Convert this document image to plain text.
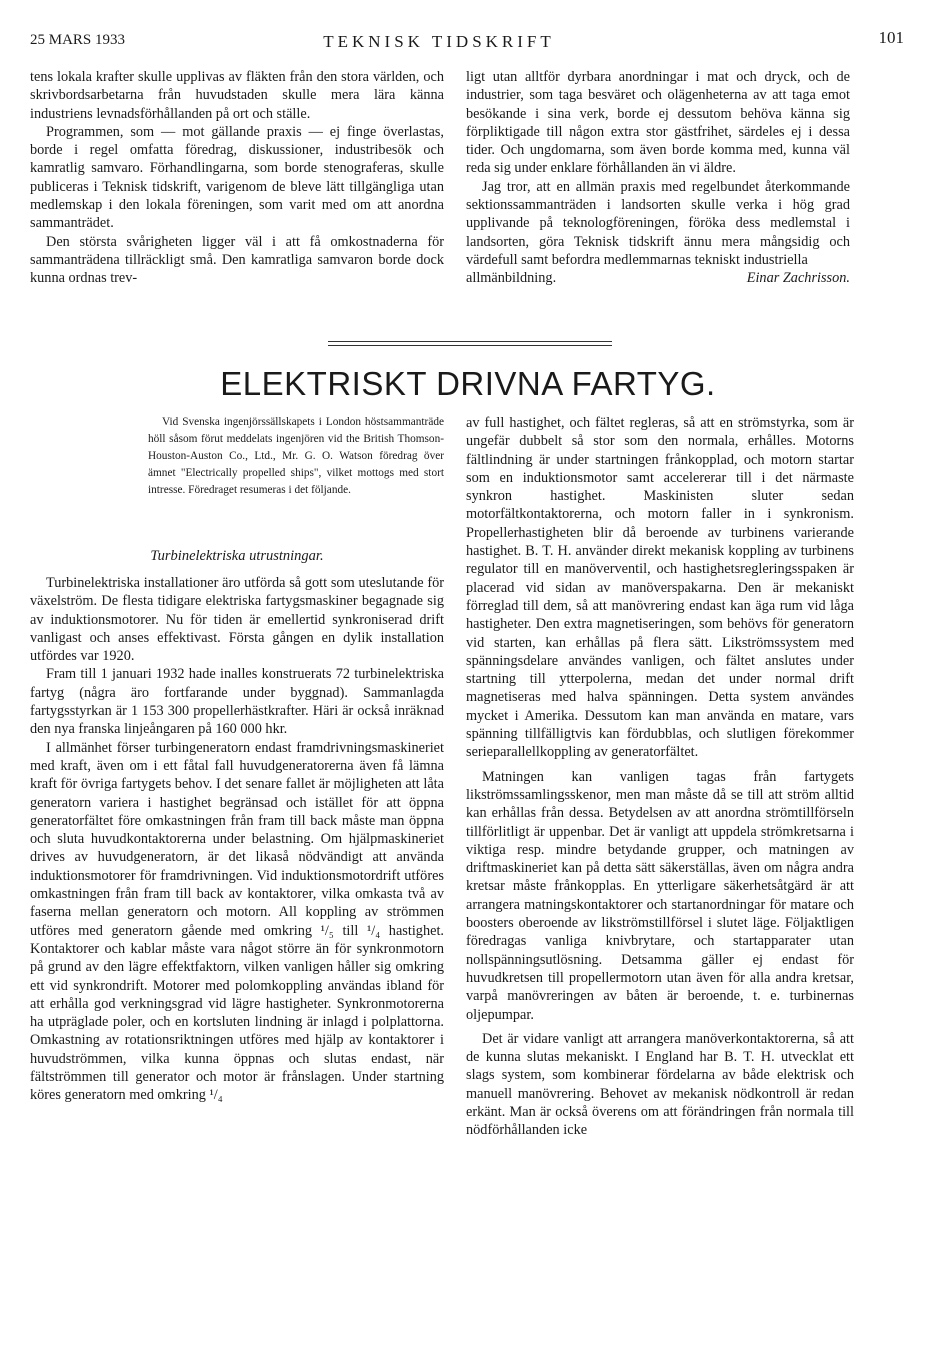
25 MARS 1933	TEKNISK TIDSKRIFT	101

tens lokala krafter skulle upplivas av fläkten från den stora världen, och skrivbordsarbetarna från huvudstaden skulle mera lära känna industriens levnadsförhållanden på ort och ställe.

Programmen, som — mot gällande praxis — ej finge överlastas, borde i regel omfatta föredrag, diskussioner, industribesök och kamratlig samvaro. Förhandlingarna, som borde stenograferas, skulle publiceras i Teknisk tidskrift, varigenom de bleve lätt tillgängliga utan medlemskap i den lokala föreningen, som varit med om att anordna sammanträdet.

Den största svårigheten ligger väl i att få omkostnaderna för sammanträdena tillräckligt små. Den kamratliga samvaron borde dock kunna ordnas trev-

ligt utan alltför dyrbara anordningar i mat och dryck, och de industrier, som taga besväret och olägenheterna av att taga emot besökande i sina verk, borde ej dessutom behöva känna sig förpliktigade till någon extra stor gästfrihet, särdeles ej i dessa tider. Och ungdomarna, som även borde komma med, kunna väl reda sig under enklare förhållanden än vi äldre.

Jag tror, att en allmän praxis med regelbundet återkommande sektionssammanträden i landsorten skulle verka i hög grad upplivande på teknologföreningen, föröka dess medlemstal i landsorten, göra Teknisk tidskrift ännu mera mångsidig och värdefull samt befordra medlemmarnas tekniskt industriella

allmänbildning.	Einar Zachrisson.
ELEKTRISKT DRIVNA FARTYG.

Vid Svenska ingenjörssällskapets i London höstsammanträde höll såsom förut meddelats ingenjören vid the British Thomson-Houston-Auston Co., Ltd., Mr. G. O. Watson föredrag över ämnet "Electrically propelled ships", vilket mottogs med stort intresse. Föredraget resumeras i det följande.

Turbinelektriska utrustningar.

Turbinelektriska installationer äro utförda så gott som uteslutande för växelström. De flesta tidigare elektriska fartygsmaskiner begagnade sig av induktionsmotorer. Nu för tiden är emellertid synkroniserad drift vanligast och anses effektivast. Första gången en dylik installation utfördes var 1920.

Fram till 1 januari 1932 hade inalles konstruerats 72 turbinelektriska fartyg (några äro fortfarande under byggnad). Sammanlagda fartygsstyrkan är 1 153 300 propellerhästkrafter. Häri är också inräknad den nya franska linjeångaren på 160 000 hkr.

I allmänhet förser turbingeneratorn endast framdrivningsmaskineriet med kraft, även om i ett fåtal fall huvudgeneratorerna även få lämna kraft för övriga fartygets behov. I det senare fallet är möjligheten att låta generatorn variera i hastighet begränsad och istället för att öppna generatorfältet före omkastningen från fram till back måste man öppna och sluta huvudkontaktorerna under belastning. Om hjälpmaskineriet drives av huvudgeneratorn, är det likaså nödvändigt att använda induktionsmotorer för framdrivningen. Vid induktionsmotordrift utföres omkastningen från fram till back av kontaktorer, vilka omkasta två av faserna mellan generatorn och motorn. All koppling av strömmen utföres med generatorn gående med omkring ¹/₅ till ¹/₄ hastighet. Kontaktorer och kablar måste vara något större än för synkronmotorn på grund av den lägre effektfaktorn, vilken vanligen håller sig omkring ett vid synkrondrift. Motorer med polomkoppling användas ibland för att erhålla god verkningsgrad vid lägre hastigheter. Synkronmotorerna ha utpräglade poler, och en kortsluten lindning är inlagd i polplattorna. Omkastning av rotationsriktningen utföres med hjälp av kontaktorer i huvudströmmen, vilka kunna öppnas och slutas endast, när fältströmmen till generator och motor är frånslagen. Under startning köres generatorn med omkring ¹/₄

av full hastighet, och fältet regleras, så att en strömstyrka, som är ungefär dubbelt så stor som den normala, erhålles. Motorns fältlindning är under startningen frånkopplad, och motorn startar som en induktionsmotor samt accelererar till i det närmaste synkron hastighet. Maskinisten sluter sedan motorfältkontaktorerna, och motorn faller in i synkronism. Propellerhastigheten blir då beroende av turbinens varierande hastighet. B. T. H. använder direkt mekanisk koppling av turbinens regulator till en manöverventil, och hastighetsregleringsspaken är placerad vid sidan av manöverspakarna. Den är mekaniskt förreglad till dem, så att manövrering endast kan äga rum vid låga hastigheter. Den extra magnetiseringen, som behövs för generatorn vid starten, kan erhållas på flera sätt. Likströmssystem med spänningsdelare användes vanligen, och fältet anslutes under startning till ytterpolerna, medan det under normal drift magnetiseras med halva spänningen. Detta system användes mycket i Amerika. Dessutom kan man använda en matare, vars spänning tillfälligtvis kan fördubblas, och slutligen förekommer serieparallellkoppling av generatorfältet.

Matningen kan vanligen tagas från fartygets likströmssamlingsskenor, men man måste då se till att ström alltid kan erhållas från dessa. Betydelsen av att anordna strömtillförseln tillförlitligt är uppenbar. Det är vanligt att uppdela strömkretsarna i viktiga resp. mindre betydande grupper, och matningen av driftmaskineriet kan på detta sätt säkerställas, även om några andra kretsar måste frånkopplas. En ytterligare säkerhetsåtgärd är att arrangera matningskontaktorer och startanordningar för matare och boosters oberoende av likströmstillförsel i slutet läge. Följaktligen föredragas vanliga knivbrytare, och startapparater utan nollspänningsutlösning. Detsamma gäller ej endast för huvudkretsen till propellermotorn utan även för alla andra kretsar, varpå manövreringen av båten är beroende, t. e. turbinernas oljepumpar.

Det är vidare vanligt att arrangera manöverkontaktorerna, så att de kunna slutas mekaniskt. I England har B. T. H. utvecklat ett slags system, som kombinerar fördelarna av både elektrisk och manuell manövrering. Behovet av mekanisk nödkontroll är redan erkänt. Man är också överens om att förändringen från normala till nödförhållanden icke
